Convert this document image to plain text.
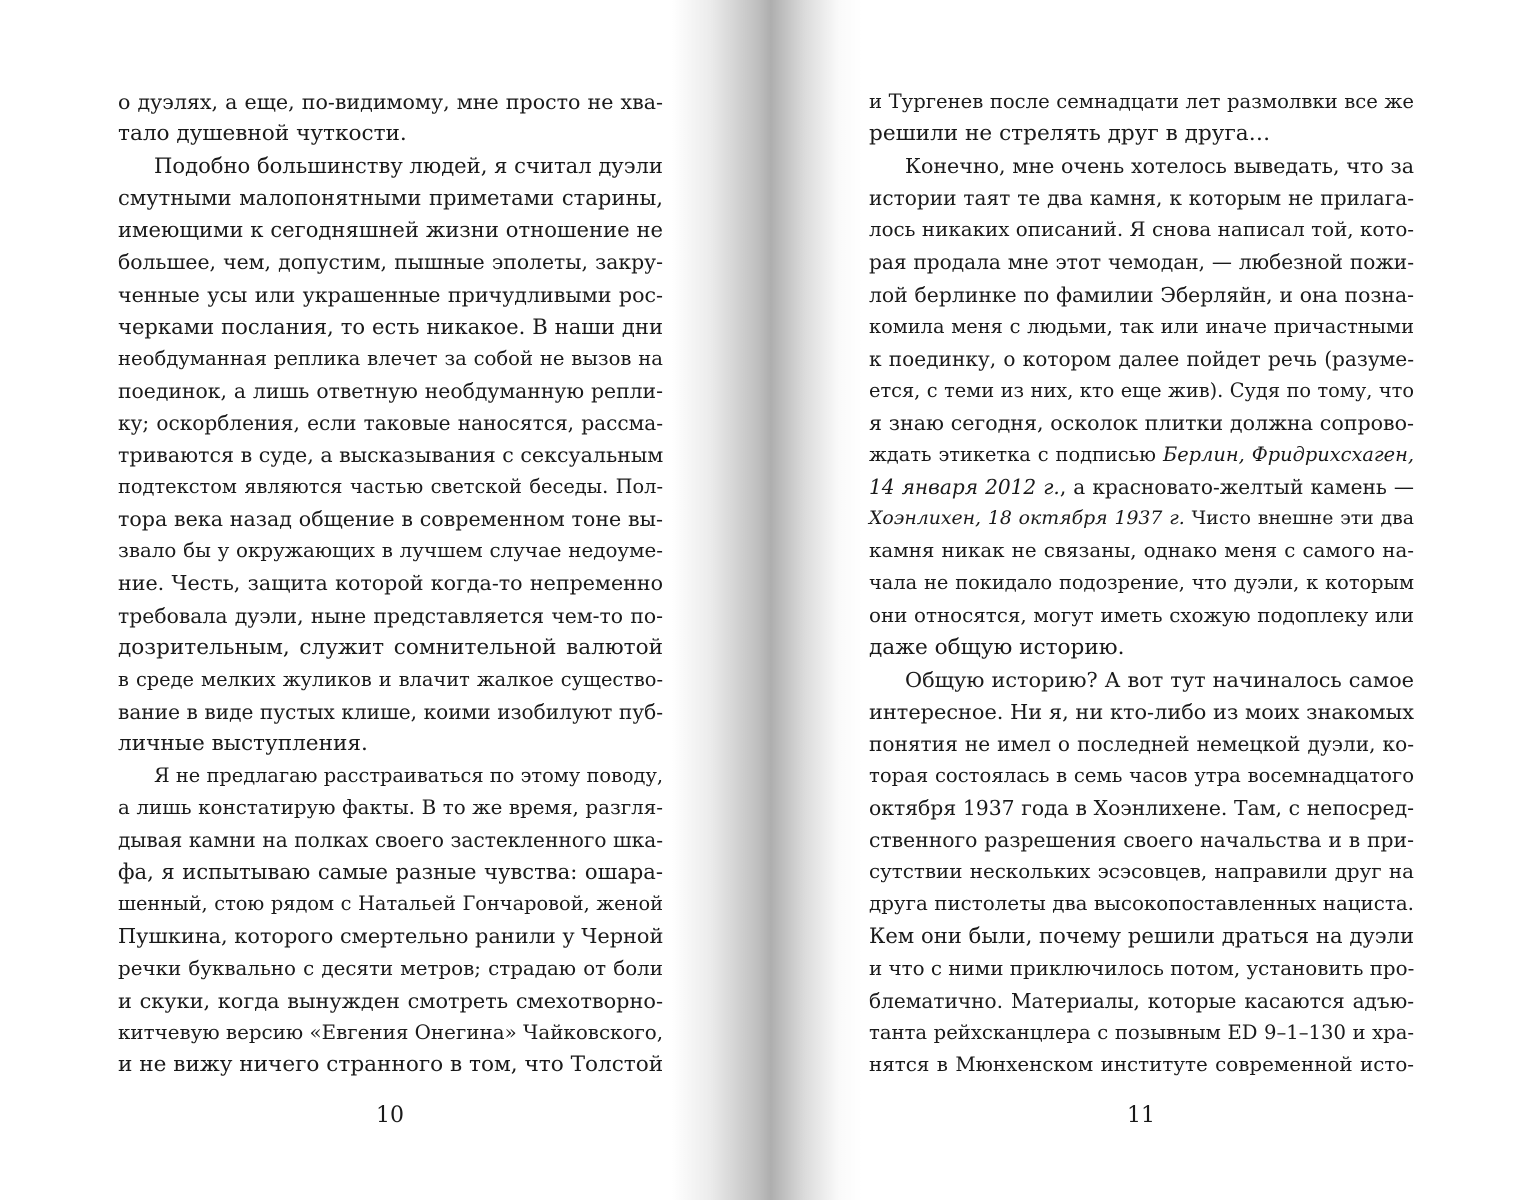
о дуэлях, а еще, по-видимому, мне просто не хва-

тало душевной чуткости.

Подобно большинству людей, я считал дуэли

смутными малопонятными приметами старины,

имеющими к сегодняшней жизни отношение не

большее, чем, допустим, пышные эполеты, закру-

ченные усы или украшенные причудливыми рос-

черками послания, то есть никакое. В наши дни

необдуманная реплика влечет за собой не вызов на

поединок, а лишь ответную необдуманную репли-

ку; оскорбления, если таковые наносятся, рассма-

триваются в суде, а высказывания с сексуальным

подтекстом являются частью светской беседы. Пол-

тора века назад общение в современном тоне вы-

звало бы у окружающих в лучшем случае недоуме-

ние. Честь, защита которой когда-то непременно

требовала дуэли, ныне представляется чем-то по-

дозрительным, служит сомнительной валютой

в среде мелких жуликов и влачит жалкое существо-

вание в виде пустых клише, коими изобилуют пуб-

личные выступления.

Я не предлагаю расстраиваться по этому поводу,

а лишь констатирую факты. В то же время, разгля-

дывая камни на полках своего застекленного шка-

фа, я испытываю самые разные чувства: ошара-

шенный, стою рядом с Натальей Гончаровой, женой

Пушкина, которого смертельно ранили у Черной

речки буквально с десяти метров; страдаю от боли

и скуки, когда вынужден смотреть смехотворно-

китчевую версию «Евгения Онегина» Чайковского,

и не вижу ничего странного в том, что Толстой

10

и Тургенев после семнадцати лет размолвки все же

решили не стрелять друг в друга…

Конечно, мне очень хотелось выведать, что за

истории таят те два камня, к которым не прилага-

лось никаких описаний. Я снова написал той, кото-

рая продала мне этот чемодан, — любезной пожи-

лой берлинке по фамилии Эберляйн, и она позна-

комила меня с людьми, так или иначе причастными

к поединку, о котором далее пойдет речь (разуме-

ется, с теми из них, кто еще жив). Судя по тому, что

я знаю сегодня, осколок плитки должна сопрово-

ждать этикетка с подписью Берлин, Фридрихсхаген,

14 января 2012 г., а красновато-желтый камень —

Хоэнлихен, 18 октября 1937 г. Чисто внешне эти два

камня никак не связаны, однако меня с самого на-

чала не покидало подозрение, что дуэли, к которым

они относятся, могут иметь схожую подоплеку или

даже общую историю.

Общую историю? А вот тут начиналось самое

интересное. Ни я, ни кто-либо из моих знакомых

понятия не имел о последней немецкой дуэли, ко-

торая состоялась в семь часов утра восемнадцатого

октября 1937 года в Хоэнлихене. Там, с непосред-

ственного разрешения своего начальства и в при-

сутствии нескольких эсэсовцев, направили друг на

друга пистолеты два высокопоставленных нациста.

Кем они были, почему решили драться на дуэли

и что с ними приключилось потом, установить про-

блематично. Материалы, которые касаются адъю-

танта рейхсканцлера с позывным ED 9–1–130 и хра-

нятся в Мюнхенском институте современной исто-

11
